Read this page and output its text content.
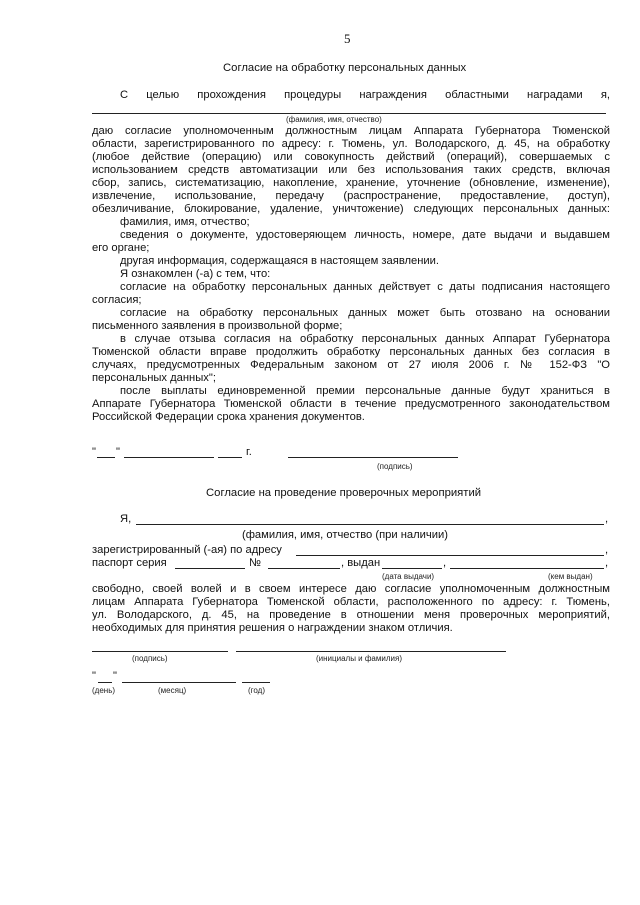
5
Согласие на обработку персональных данных
С целью прохождения процедуры награждения областными наградами я,
(фамилия, имя, отчество)
даю согласие уполномоченным должностным лицам Аппарата Губернатора Тюменской
области, зарегистрированного по адресу: г. Тюмень, ул. Володарского, д. 45, на обработку
(любое действие (операцию) или совокупность действий (операций), совершаемых с
использованием средств автоматизации или без использования таких средств, включая
сбор, запись, систематизацию, накопление, хранение, уточнение (обновление, изменение),
извлечение, использование, передачу (распространение, предоставление, доступ),
обезличивание, блокирование, удаление, уничтожение) следующих персональных данных:
фамилия, имя, отчество;
сведения о документе, удостоверяющем личность, номере, дате выдачи и выдавшем
его органе;
другая информация, содержащаяся в настоящем заявлении.
Я ознакомлен (-а) с тем, что:
согласие на обработку персональных данных действует с даты подписания настоящего
согласия;
согласие на обработку персональных данных может быть отозвано на основании
письменного заявления в произвольной форме;
в случае отзыва согласия на обработку персональных данных Аппарат Губернатора
Тюменской области вправе продолжить обработку персональных данных без согласия в
случаях, предусмотренных Федеральным законом от 27 июля 2006 г. № 152-ФЗ "О
персональных данных";
после выплаты единовременной премии персональные данные будут храниться в
Аппарате Губернатора Тюменской области в течение предусмотренного законодательством
Российской Федерации срока хранения документов.
" "	г.
(подпись)
Согласие на проведение проверочных мероприятий
Я,	,
(фамилия, имя, отчество (при наличии)
зарегистрированный (-ая) по адресу	,
паспорт серия	№	, выдан	,	,
(дата выдачи)	(кем выдан)
свободно, своей волей и в своем интересе даю согласие уполномоченным должностным
лицам Аппарата Губернатора Тюменской области, расположенного по адресу: г. Тюмень,
ул. Володарского, д. 45, на проведение в отношении меня проверочных мероприятий,
необходимых для принятия решения о награждении знаком отличия.
(подпись)	(инициалы и фамилия)
" "
(день)	(месяц)	(год)
